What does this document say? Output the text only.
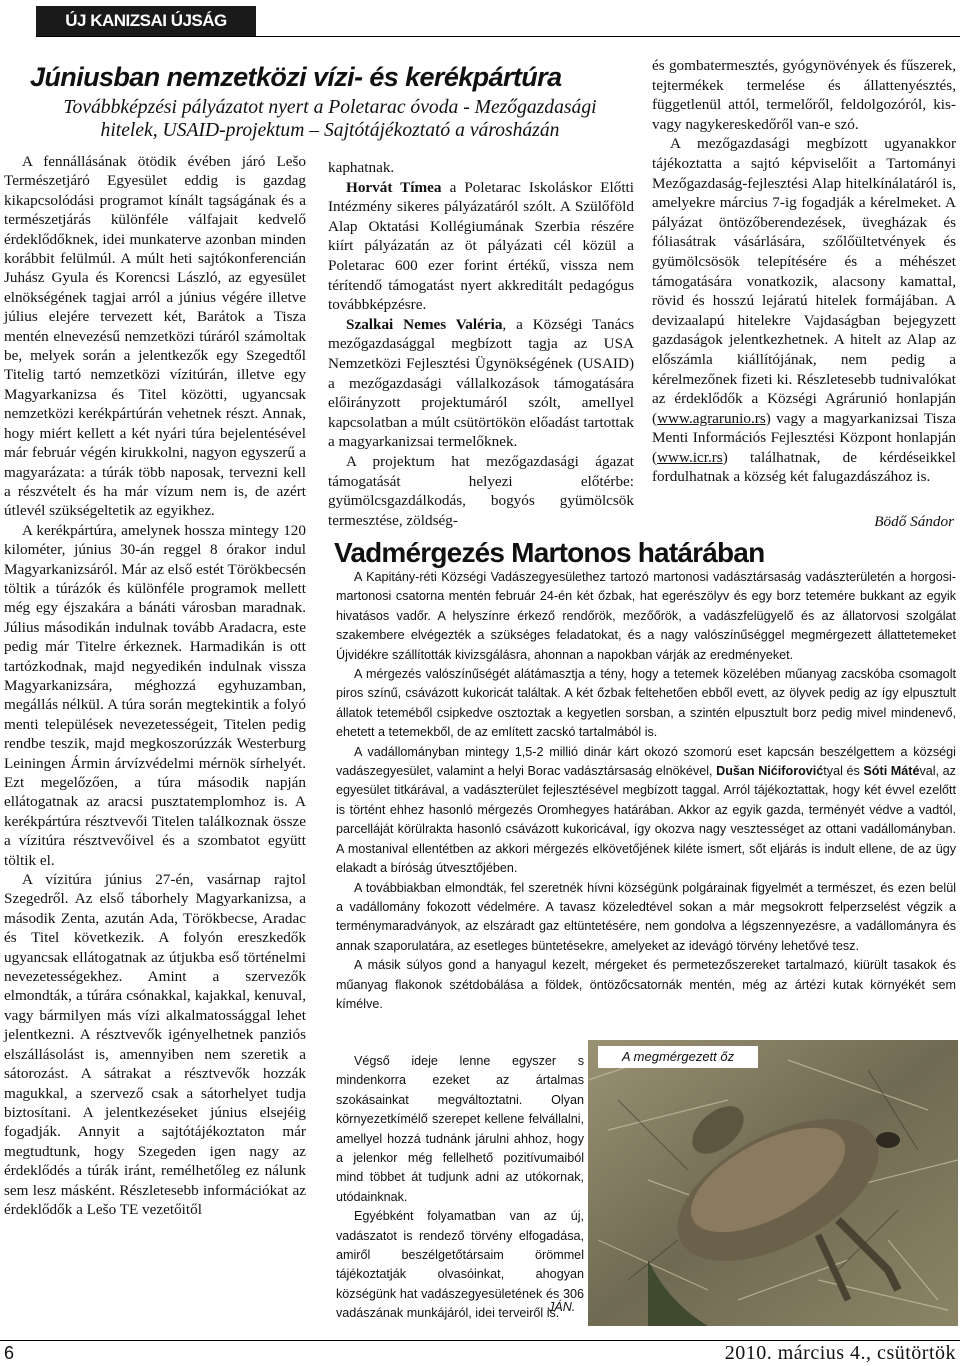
ÚJ KANIZSAI ÚJSÁG
Júniusban nemzetközi vízi- és kerékpártúra
Továbbképzési pályázatot nyert a Poletarac óvoda - Mezőgazdasági
hitelek, USAID-projektum – Sajtótájékoztató a városházán

A fennállásának ötödik évében járó Lešo Természetjáró Egyesület eddig is gazdag kikapcsolódási programot kínált tagságának és a természetjárás különféle válfajait kedvelő érdeklődőknek, idei munkaterve azonban minden korábbit felülmúl. A múlt heti sajtókonferencián Juhász Gyula és Korencsi László, az egyesület elnökségének tagjai arról a június végére illetve július elejére tervezett két, Barátok a Tisza mentén elnevezésű nemzetközi túráról számoltak be, melyek során a jelentkezők egy Szegedtől Titelig tartó nemzetközi vízitúrán, illetve egy Magyarkanizsa és Titel közötti, ugyancsak nemzetközi kerékpártúrán vehetnek részt. Annak, hogy miért kellett a két nyári túra bejelentésével már február végén kirukkolni, nagyon egyszerű a magyarázata: a túrák több naposak, tervezni kell a részvételt és ha már vízum nem is, de azért útlevél szükségeltetik az egyikhez.

A kerékpártúra, amelynek hossza mintegy 120 kilométer, június 30-án reggel 8 órakor indul Magyarkanizsáról. Már az első estét Törökbecsén töltik a túrázók és különféle programok mellett még egy éjszakára a bánáti városban maradnak. Július másodikán indulnak tovább Aradacra, este pedig már Titelre érkeznek. Harmadikán is ott tartózkodnak, majd negyedikén indulnak vissza Magyarkanizsára, méghozzá egyhuzamban, megállás nélkül. A túra során megtekintik a folyó menti települések nevezetességeit, Titelen pedig rendbe teszik, majd megkoszorúzzák Westerburg Leiningen Ármin árvízvédelmi mérnök sírhelyét. Ezt megelőzően, a túra második napján ellátogatnak az aracsi pusztatemplomhoz is. A kerékpártúra résztvevői Titelen találkoznak össze a vízitúra résztvevőivel és a szombatot együtt töltik el.

A vízitúra június 27-én, vasárnap rajtol Szegedről. Az első táborhely Magyarkanizsa, a második Zenta, azután Ada, Törökbecse, Aradac és Titel következik. A folyón ereszkedők ugyancsak ellátogatnak az útjukba eső történelmi nevezetességekhez. Amint a szervezők elmondták, a túrára csónakkal, kajakkal, kenuval, vagy bármilyen más vízi alkalmatossággal lehet jelentkezni. A résztvevők igényelhetnek panziós elszállásolást is, amennyiben nem szeretik a sátorozást. A sátrakat a résztvevők hozzák magukkal, a szervező csak a sátorhelyet tudja biztosítani. A jelentkezéseket június elsejéig fogadják. Annyit a sajtótájékoztaton már megtudtunk, hogy Szegeden igen nagy az érdeklődés a túrák iránt, remélhetőleg ez nálunk sem lesz másként. Részletesebb információkat az érdeklődők a Lešo TE vezetőitől

kaphatnak.

Horvát Tímea a Poletarac Iskoláskor Előtti Intézmény sikeres pályázatáról szólt. A Szülőföld Alap Oktatási Kollégiumának Szerbia részére kiírt pályázatán az öt pályázati cél közül a Poletarac 600 ezer forint értékű, vissza nem térítendő támogatást nyert akkreditált pedagógus továbbképzésre.

Szalkai Nemes Valéria, a Községi Tanács mezőgazdasággal megbízott tagja az USA Nemzetközi Fejlesztési Ügynökségének (USAID) a mezőgazdasági vállalkozások támogatására előirányzott projektumáról szólt, amellyel kapcsolatban a múlt csütörtökön előadást tartottak a magyarkanizsai termelőknek.

A projektum hat mezőgazdasági ágazat támogatását helyezi előtérbe: gyümölcsgazdálkodás, bogyós gyümölcsök termesztése, zöldség-

és gombatermesztés, gyógynövények és fűszerek, tejtermékek termelése és állattenyésztés, függetlenül attól, termelőről, feldolgozóról, kis- vagy nagykereskedőről van-e szó.

A mezőgazdasági megbízott ugyanakkor tájékoztatta a sajtó képviselőit a Tartományi Mezőgazdaság-fejlesztési Alap hitelkínálatáról is, amelyekre március 7-ig fogadják a kérelmeket. A pályázat öntözőberendezések, üvegházak és fóliasátrak vásárlására, szőlőültetvények és gyümölcsösök telepítésére és a méhészet támogatására vonatkozik, alacsony kamattal, rövid és hosszú lejáratú hitelek formájában. A devizaalapú hitelekre Vajdaságban bejegyzett gazdaságok jelentkezhetnek. A hitelt az Alap az előszámla kiállítójának, nem pedig a kérelmezőnek fizeti ki. Részletesebb tudnivalókat az érdeklődők a Községi Agrárunió honlapján (www.agrarunio.rs) vagy a magyarkanizsai Tisza Menti Információs Fejlesztési Központ honlapján (www.icr.rs) találhatnak, de kérdéseikkel fordulhatnak a község két falugazdászához is.

Bödő Sándor
Vadmérgezés Martonos határában

A Kapitány-réti Községi Vadászegyesülethez tartozó martonosi vadásztársaság vadászterületén a horgosi-martonosi csatorna mentén február 24-én két őzbak, hat egerészölyv és egy borz tetemére bukkant az egyik hivatásos vadőr. A helyszínre érkező rendőrök, mezőőrök, a vadászfelügyelő és az állatorvosi szolgálat szakembere elvégezték a szükséges feladatokat, és a nagy valószínűséggel megmérgezett állattetemeket Újvidékre szállították kivizsgálásra, ahonnan a napokban várják az eredményeket.

A mérgezés valószínűségét alátámasztja a tény, hogy a tetemek közelében műanyag zacskóba csomagolt piros színű, csávázott kukoricát találtak. A két őzbak feltehetően ebből evett, az ölyvek pedig az így elpusztult állatok teteméből csipkedve osztoztak a kegyetlen sorsban, a szintén elpusztult borz pedig mivel mindenevő, ehetett a tetemekből, de az említett zacskó tartalmából is.

A vadállományban mintegy 1,5-2 millió dinár kárt okozó szomorú eset kapcsán beszélgettem a községi vadászegyesület, valamint a helyi Borac vadásztársaság elnökével, Dušan Nićiforovićtyal és Sóti Mátéval, az egyesület titkárával, a vadászterület fejlesztésével megbízott taggal. Arról tájékoztattak, hogy két évvel ezelőtt is történt ehhez hasonló mérgezés Oromhegyes határában. Akkor az egyik gazda, terményét védve a vadtól, parcelláját körülrakta hasonló csávázott kukoricával, így okozva nagy vesztességet az ottani vadállományban. A mostanival ellentétben az akkori mérgezés elkövetőjének kiléte ismert, sőt eljárás is indult ellene, de az ügy elakadt a bíróság útvesztőjében.

A továbbiakban elmondták, fel szeretnék hívni községünk polgárainak figyelmét a természet, és ezen belül a vadállomány fokozott védelmére. A tavasz közeledtével sokan a már megsokrott felperzselést végzik a terménymaradványok, az elszáradt gaz eltüntetésére, nem gondolva a légszennyezésre, a vadállományra és annak szaporulatára, az esetleges büntetésekre, amelyeket az idevágó törvény lehetővé tesz.

A másik súlyos gond a hanyagul kezelt, mérgeket és permetezőszereket tartalmazó, kiürült tasakok és műanyag flakonok szétdobálása a földek, öntözőcsatornák mentén, még az ártézi kutak környékét sem kímélve.

Végső ideje lenne egyszer s mindenkorra ezeket az ártalmas szokásainkat megváltoztatni. Olyan környezetkímélő szerepet kellene felvállalni, amellyel hozzá tudnánk járulni ahhoz, hogy a jelenkor még fellelhető pozitívumaiból mind többet át tudjunk adni az utókornak, utódainknak.

Egyébként folyamatban van az új, vadászatot is rendező törvény elfogadása, amiről beszélgetőtársaim örömmel tájékoztatják olvasóinkat, ahogyan községünk hat vadászegyesületének és 306 vadászának munkájáról, idei terveiről is.

JÁN.
A megmérgezett őz
6	2010. március 4., csütörtök
